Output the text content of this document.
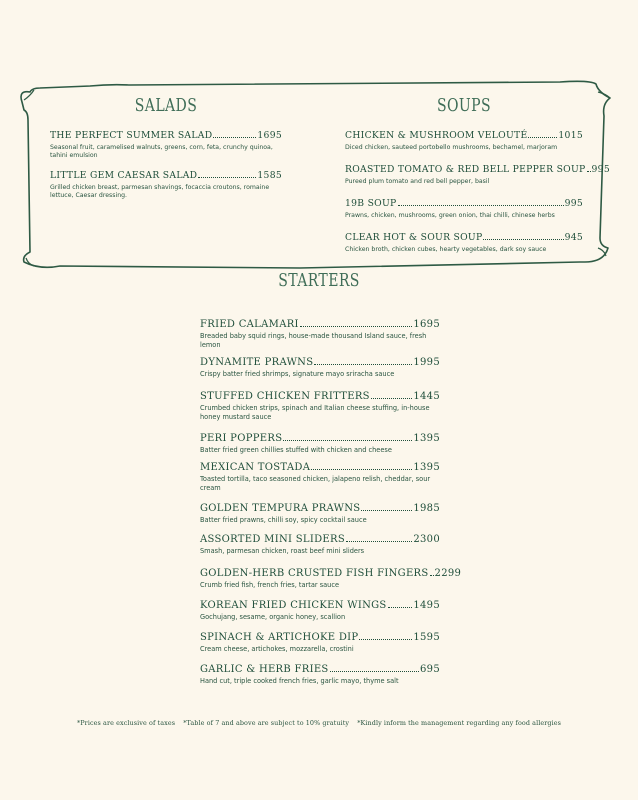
SALADS
THE PERFECT SUMMER SALAD	1695
Seasonal fruit, caramelised walnuts, greens, corn, feta, crunchy quinoa, tahini emulsion
LITTLE GEM CAESAR SALAD	1585
Grilled chicken breast, parmesan shavings, focaccia croutons, romaine lettuce, Caesar dressing.
SOUPS
CHICKEN & MUSHROOM VELOUTÉ	1015
Diced chicken, sauteed portobello mushrooms, bechamel, marjoram
ROASTED TOMATO & RED BELL PEPPER SOUP 995
Pureed plum tomato and red bell pepper, basil
19B SOUP	995
Prawns, chicken, mushrooms, green onion, thai chilli, chinese herbs
CLEAR HOT & SOUR SOUP	945
Chicken broth, chicken cubes, hearty vegetables, dark soy sauce
STARTERS
FRIED CALAMARI	1695
Breaded baby squid rings, house-made thousand Island sauce, fresh lemon
DYNAMITE PRAWNS	1995
Crispy batter fried shrimps, signature mayo sriracha sauce
STUFFED CHICKEN FRITTERS	1445
Crumbed chicken strips, spinach and Italian cheese stuffing, in-house honey mustard sauce
PERI POPPERS	1395
Batter fried green chillies stuffed with chicken and cheese
MEXICAN TOSTADA	1395
Toasted tortilla, taco seasoned chicken, jalapeno relish, cheddar, sour cream
GOLDEN TEMPURA PRAWNS	1985
Batter fried prawns, chilli soy, spicy cocktail sauce
ASSORTED MINI SLIDERS	2300
Smash, parmesan chicken, roast beef mini sliders
GOLDEN-HERB CRUSTED FISH FINGERS 2299
Crumb fried fish, french fries, tartar sauce
KOREAN FRIED CHICKEN WINGS	1495
Gochujang, sesame, organic honey, scallion
SPINACH & ARTICHOKE DIP	1595
Cream cheese, artichokes, mozzarella, crostini
GARLIC & HERB FRIES	695
Hand cut, triple cooked french fries, garlic mayo, thyme salt
*Prices are exclusive of taxes *Table of 7 and above are subject to 10% gratuity *Kindly inform the management regarding any food allergies
